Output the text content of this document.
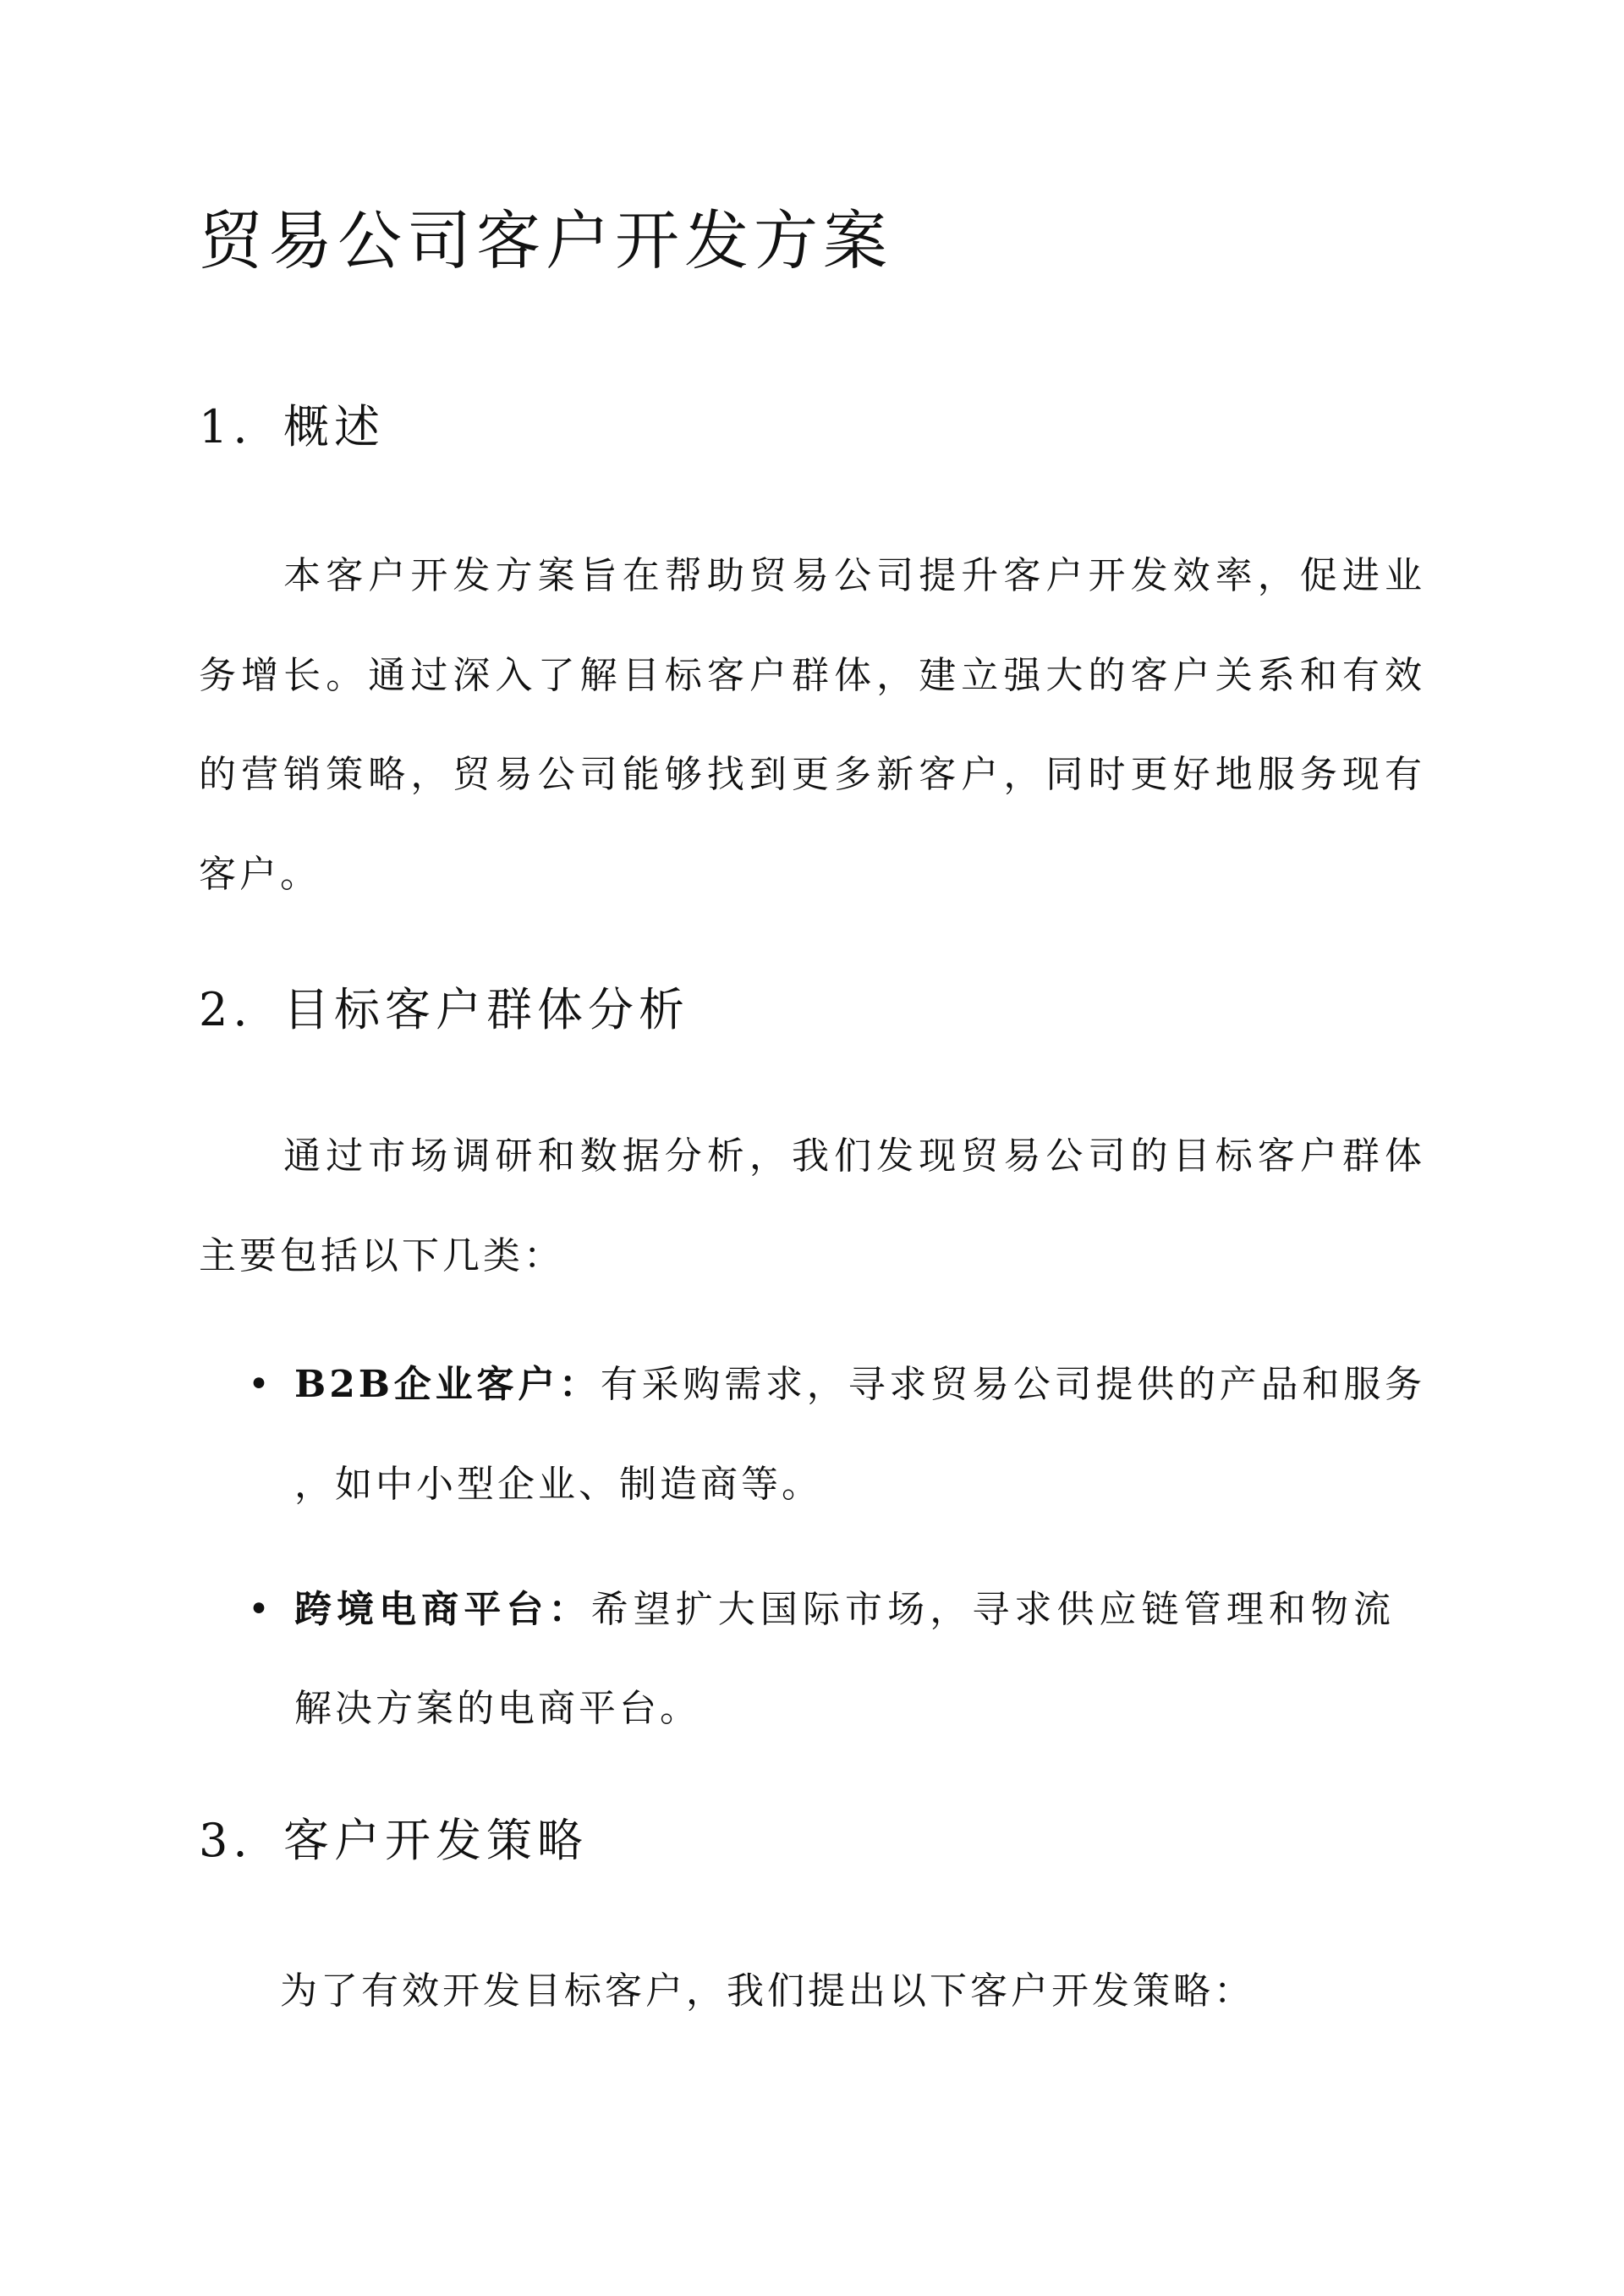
贸易公司客户开发方案
1. 概述
　　本客户开发方案旨在帮助贸易公司提升客户开发效率，促进业
务增长。通过深入了解目标客户群体，建立强大的客户关系和有效
的营销策略，贸易公司能够找到更多新客户，同时更好地服务现有
客户。
2. 目标客户群体分析
　　通过市场调研和数据分析，我们发现贸易公司的目标客户群体
主要包括以下几类：
• B2B企业客户：有采购需求，寻求贸易公司提供的产品和服务
，如中小型企业、制造商等。
• 跨境电商平台：希望扩大国际市场，寻求供应链管理和物流
解决方案的电商平台。
3. 客户开发策略
　　为了有效开发目标客户，我们提出以下客户开发策略：
